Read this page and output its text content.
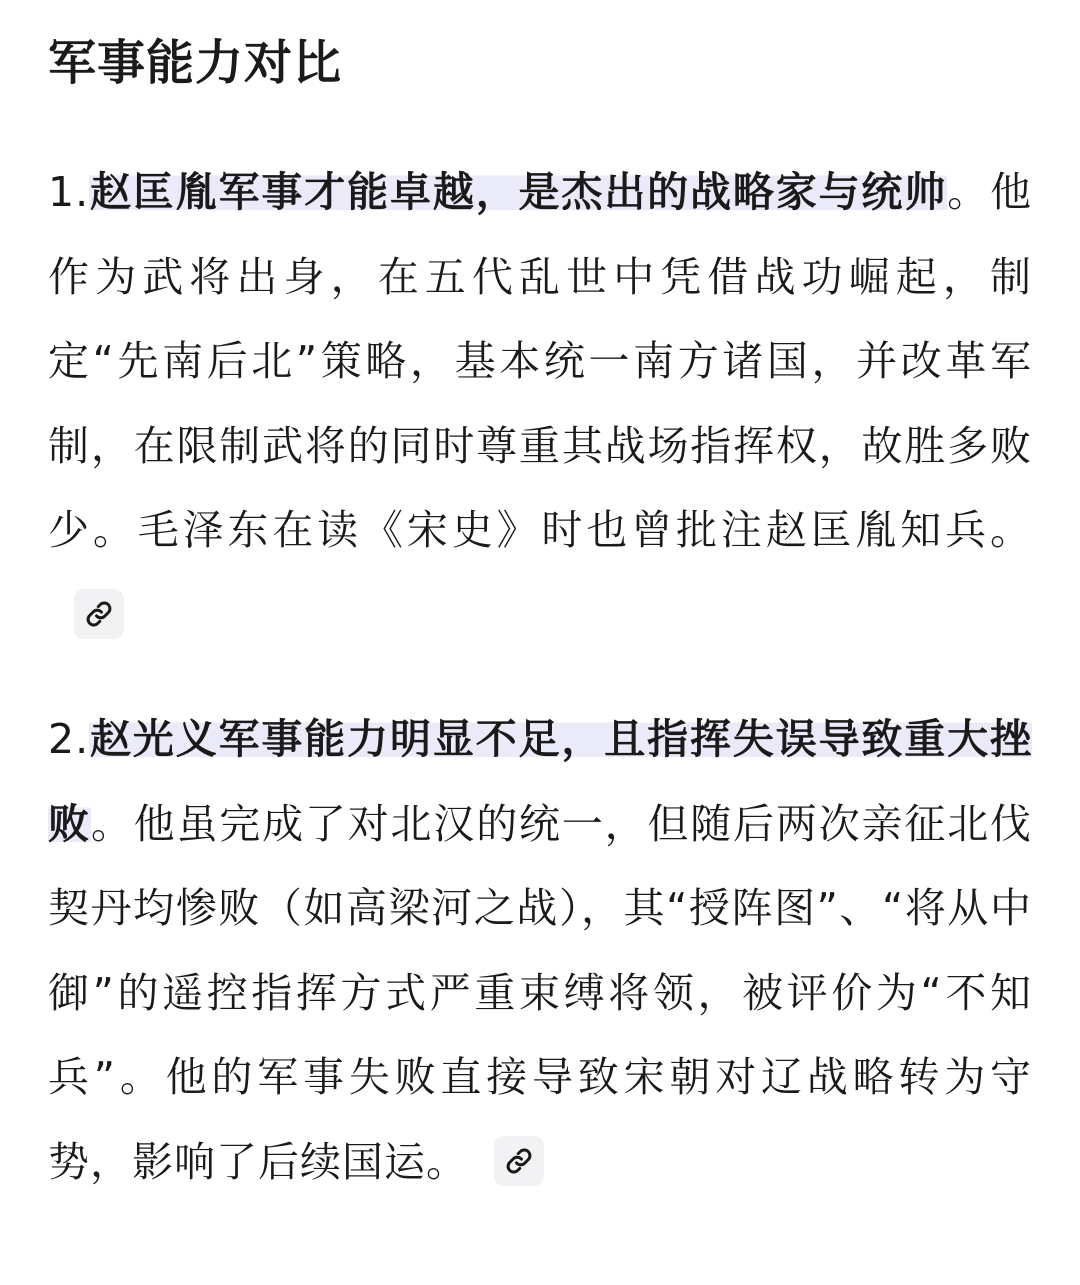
军事能力对比

1.赵匡胤军事才能卓越，是杰出的战略家与统帅。他作为武将出身，在五代乱世中凭借战功崛起，制定“先南后北”策略，基本统一南方诸国，并改革军制，在限制武将的同时尊重其战场指挥权，故胜多败少。毛泽东在读《宋史》时也曾批注赵匡胤知兵。

2.赵光义军事能力明显不足，且指挥失误导致重大挫败。他虽完成了对北汉的统一，但随后两次亲征北伐契丹均惨败（如高梁河之战），其“授阵图”、“将从中御”的遥控指挥方式严重束缚将领，被评价为“不知兵”。他的军事失败直接导致宋朝对辽战略转为守势，影响了后续国运。
